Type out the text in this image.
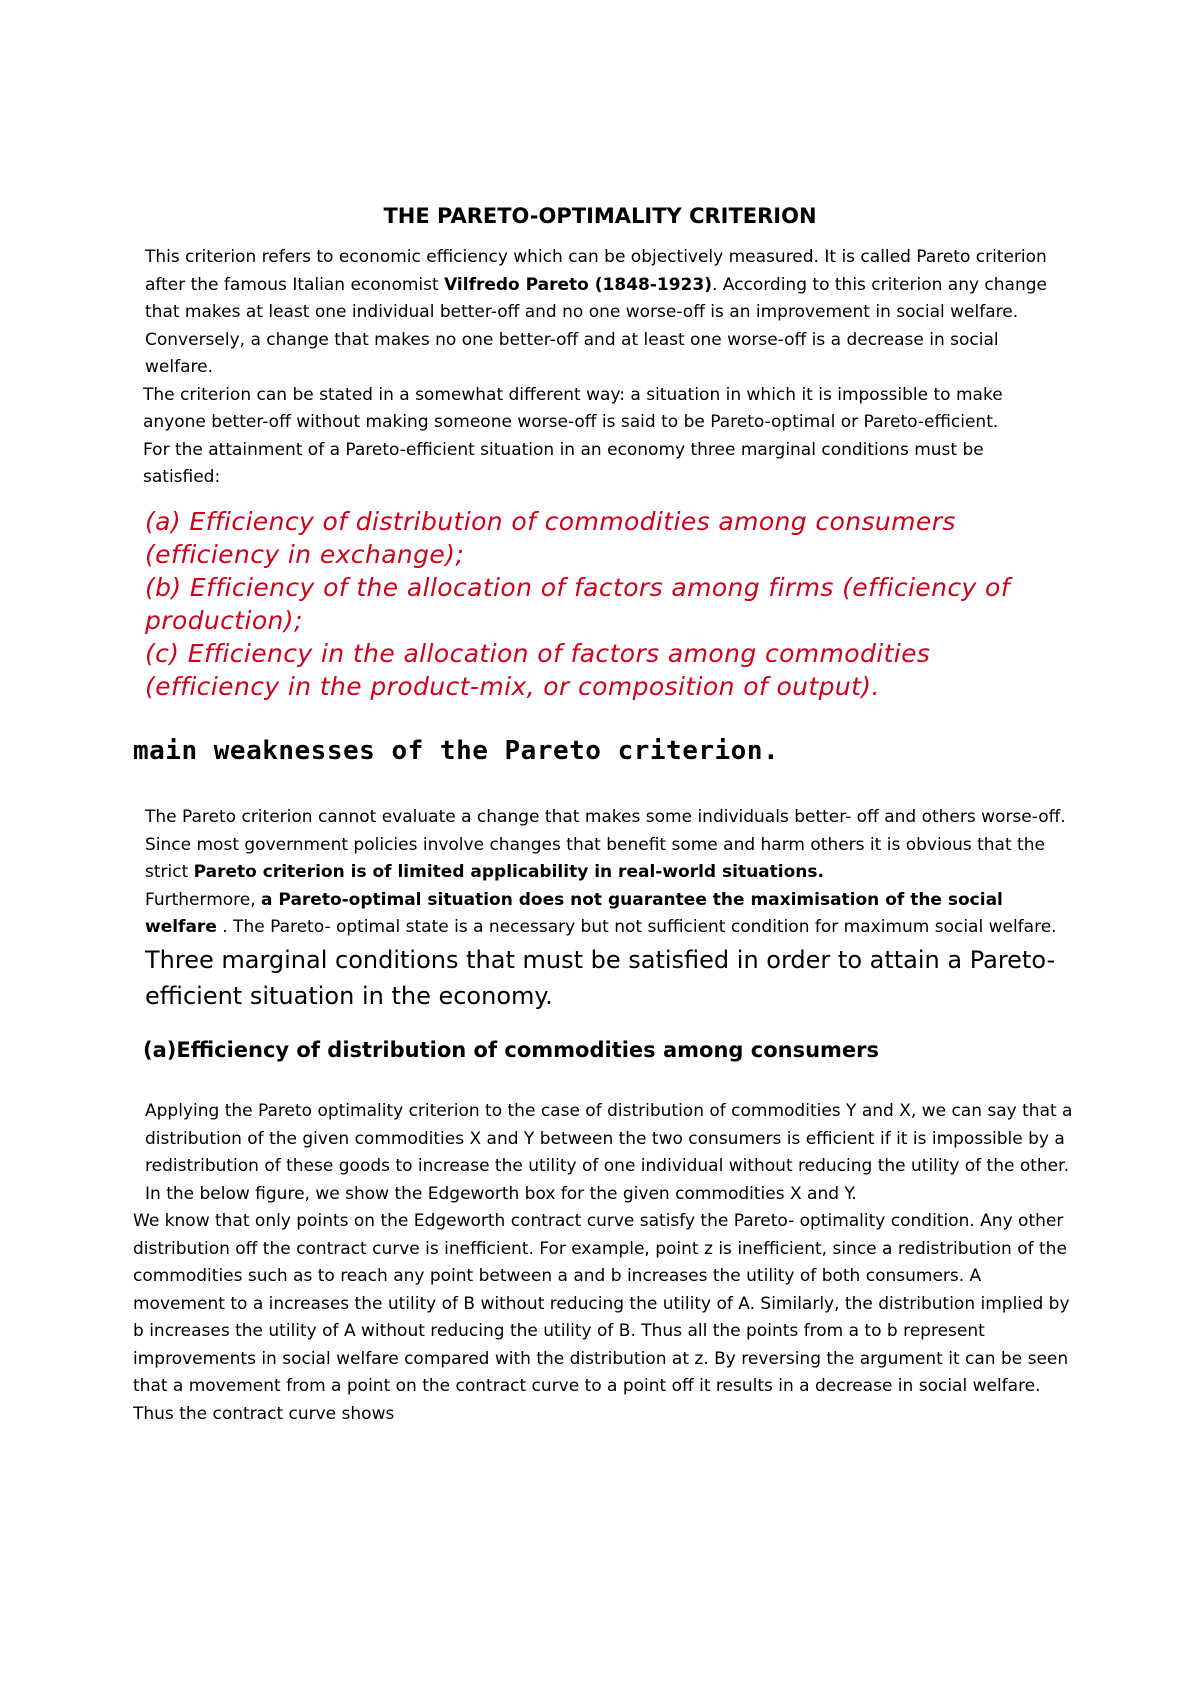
THE PARETO-OPTIMALITY CRITERION

This criterion refers to economic efficiency which can be objectively measured. It is called Pareto criterion after the famous Italian economist Vilfredo Pareto (1848-1923). According to this criterion any change that makes at least one individual better-off and no one worse-off is an improvement in social welfare. Conversely, a change that makes no one better-off and at least one worse-off is a decrease in social welfare.

The criterion can be stated in a somewhat different way: a situation in which it is impossible to make anyone better-off without making someone worse-off is said to be Pareto-optimal or Pareto-efficient.

For the attainment of a Pareto-efficient situation in an economy three marginal conditions must be satisfied:

(a) Efficiency of distribution of commodities among consumers (efficiency in exchange);

(b) Efficiency of the allocation of factors among firms (efficiency of production);

(c) Efficiency in the allocation of factors among commodities (efficiency in the product-mix, or composition of output).

main weaknesses of the Pareto criterion.

The Pareto criterion cannot evaluate a change that makes some individuals better- off and others worse-off. Since most government policies involve changes that benefit some and harm others it is obvious that the strict Pareto criterion is of limited applicability in real-world situations.

Furthermore, a Pareto-optimal situation does not guarantee the maximisation of the social welfare . The Pareto- optimal state is a necessary but not sufficient condition for maximum social welfare.

Three marginal conditions that must be satisfied in order to attain a Pareto-efficient situation in the economy.

(a)Efficiency of distribution of commodities among consumers

Applying the Pareto optimality criterion to the case of distribution of commodities Y and X, we can say that a distribution of the given commodities X and Y between the two consumers is efficient if it is impossible by a redistribution of these goods to increase the utility of one individual without reducing the utility of the other.

In the below figure, we show the Edgeworth box for the given commodities X and Y.

We know that only points on the Edgeworth contract curve satisfy the Pareto- optimality condition. Any other distribution off the contract curve is inefficient. For example, point z is inefficient, since a redistribution of the commodities such as to reach any point between a and b increases the utility of both consumers. A movement to a increases the utility of B without reducing the utility of A. Similarly, the distribution implied by b increases the utility of A without reducing the utility of B. Thus all the points from a to b represent improvements in social welfare compared with the distribution at z. By reversing the argument it can be seen that a movement from a point on the contract curve to a point off it results in a decrease in social welfare. Thus the contract curve shows
